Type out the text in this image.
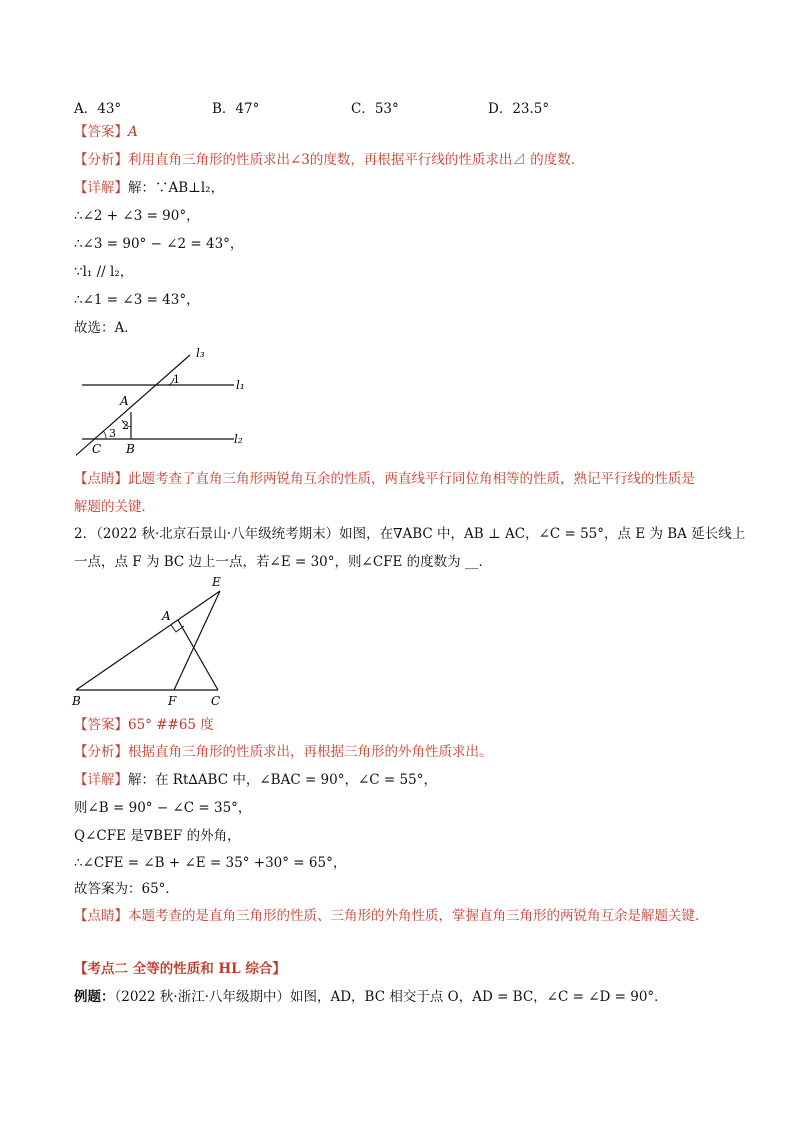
A．43°	B．47°	C．53°	D．23.5°
【答案】A
【分析】利用直角三角形的性质求出∠3的度数，再根据平行线的性质求出⊿ 的度数．
【详解】解：∵AB⊥l₂，
∴∠2 + ∠3 = 90°，
∴∠3 = 90° − ∠2 = 43°，
∵l₁ // l₂，
∴∠1 = ∠3 = 43°，
故选：A．
l₃
l₁
l₂
A
B
C
1
2
3
【点睛】此题考查了直角三角形两锐角互余的性质，两直线平行同位角相等的性质，熟记平行线的性质是
解题的关键．
2．（2022 秋·北京石景山·八年级统考期末）如图，在∇ABC 中，AB ⊥ AC，∠C = 55°，点 E 为 BA 延长线上
一点，点 F 为 BC 边上一点，若∠E = 30°，则∠CFE 的度数为 __．
E
A
B	F	C
【答案】65° ##65 度
【分析】根据直角三角形的性质求出，再根据三角形的外角性质求出。
【详解】解：在 Rt∆ABC 中，∠BAC = 90°，∠C = 55°，
则∠B = 90° − ∠C = 35°，
Q∠CFE 是∇BEF 的外角，
∴∠CFE = ∠B + ∠E = 35° +30° = 65°，
故答案为：65°．
【点睛】本题考查的是直角三角形的性质、三角形的外角性质，掌握直角三角形的两锐角互余是解题关键.
【考点二 全等的性质和 HL 综合】
例题：（2022 秋·浙江·八年级期中）如图，AD，BC 相交于点 O，AD = BC，∠C = ∠D = 90°．
